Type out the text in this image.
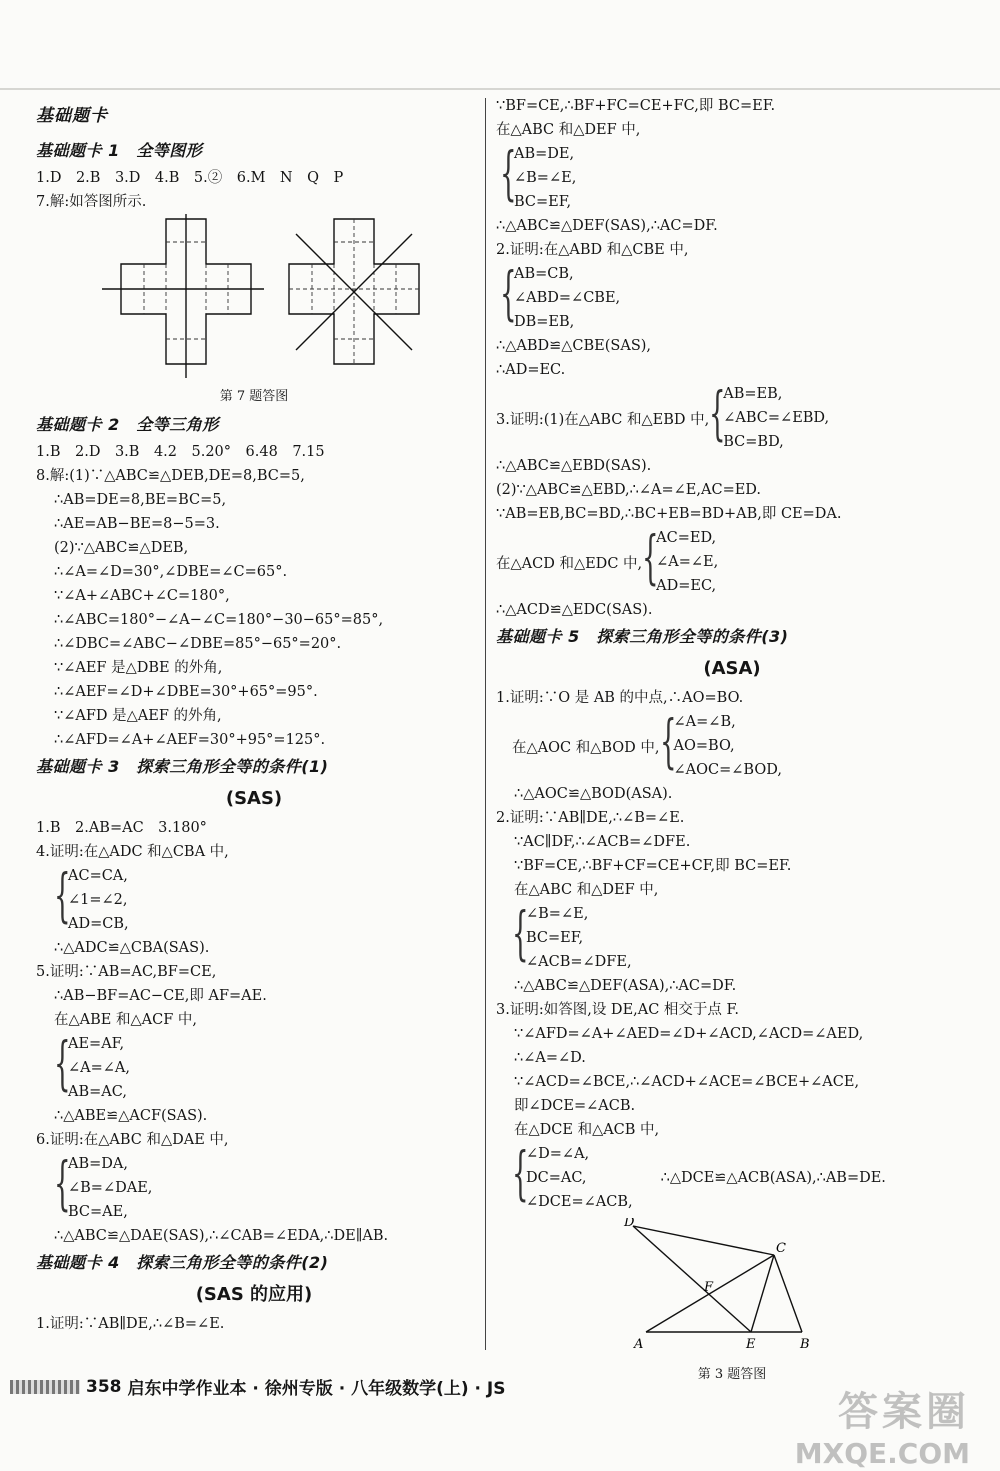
基础题卡
基础题卡 1　全等图形
1.D　2.B　3.D　4.B　5.②　6.M　N　Q　P
7.解:如答图所示.
第 7 题答图
基础题卡 2　全等三角形
1.B　2.D　3.B　4.2　5.20°　6.48　7.15
8.解:(1)∵△ABC≌△DEB,DE=8,BC=5,
∴AB=DE=8,BE=BC=5,
∴AE=AB−BE=8−5=3.
(2)∵△ABC≌△DEB,
∴∠A=∠D=30°,∠DBE=∠C=65°.
∵∠A+∠ABC+∠C=180°,
∴∠ABC=180°−∠A−∠C=180°−30−65°=85°,
∴∠DBC=∠ABC−∠DBE=85°−65°=20°.
∵∠AEF 是△DBE 的外角,
∴∠AEF=∠D+∠DBE=30°+65°=95°.
∵∠AFD 是△AEF 的外角,
∴∠AFD=∠A+∠AEF=30°+95°=125°.
基础题卡 3　探索三角形全等的条件(1)
(SAS)
1.B　2.AB=AC　3.180°
4.证明:在△ADC 和△CBA 中,
{
AC=CA,
∠1=∠2,
AD=CB,
∴△ADC≌△CBA(SAS).
5.证明:∵AB=AC,BF=CE,
∴AB−BF=AC−CE,即 AF=AE.
在△ABE 和△ACF 中,
{
AE=AF,
∠A=∠A,
AB=AC,
∴△ABE≌△ACF(SAS).
6.证明:在△ABC 和△DAE 中,
{
AB=DA,
∠B=∠DAE,
BC=AE,
∴△ABC≌△DAE(SAS),∴∠CAB=∠EDA,∴DE∥AB.
基础题卡 4　探索三角形全等的条件(2)
(SAS 的应用)
1.证明:∵AB∥DE,∴∠B=∠E.
∵BF=CE,∴BF+FC=CE+FC,即 BC=EF.
在△ABC 和△DEF 中,
{
AB=DE,
∠B=∠E,
BC=EF,
∴△ABC≌△DEF(SAS),∴AC=DF.
2.证明:在△ABD 和△CBE 中,
{
AB=CB,
∠ABD=∠CBE,
DB=EB,
∴△ABD≌△CBE(SAS),
∴AD=EC.
3.证明:(1)在△ABC 和△EBD 中, {
AB=EB,
∠ABC=∠EBD,
BC=BD,
∴△ABC≌△EBD(SAS).
(2)∵△ABC≌△EBD,∴∠A=∠E,AC=ED.
∵AB=EB,BC=BD,∴BC+EB=BD+AB,即 CE=DA.
在△ACD 和△EDC 中, {
AC=ED,
∠A=∠E,
AD=EC,
∴△ACD≌△EDC(SAS).
基础题卡 5　探索三角形全等的条件(3)
(ASA)
1.证明:∵O 是 AB 的中点,∴AO=BO.
在△AOC 和△BOD 中, {
∠A=∠B,
AO=BO,
∠AOC=∠BOD,
∴△AOC≌△BOD(ASA).
2.证明:∵AB∥DE,∴∠B=∠E.
∵AC∥DF,∴∠ACB=∠DFE.
∵BF=CE,∴BF+CF=CE+CF,即 BC=EF.
在△ABC 和△DEF 中,
{
∠B=∠E,
BC=EF,
∠ACB=∠DFE,
∴△ABC≌△DEF(ASA),∴AC=DF.
3.证明:如答图,设 DE,AC 相交于点 F.
∵∠AFD=∠A+∠AED=∠D+∠ACD,∠ACD=∠AED,
∴∠A=∠D.
∵∠ACD=∠BCE,∴∠ACD+∠ACE=∠BCE+∠ACE,
即∠DCE=∠ACB.
在△DCE 和△ACB 中,
{
∠D=∠A,
DC=AC,
∠DCE=∠ACB,
∴△DCE≌△ACB(ASA),∴AB=DE.
D
C
F
A	E	B
第 3 题答图
358 启东中学作业本 · 徐州专版 · 八年级数学(上) · JS	答案圈
MXQE.COM
